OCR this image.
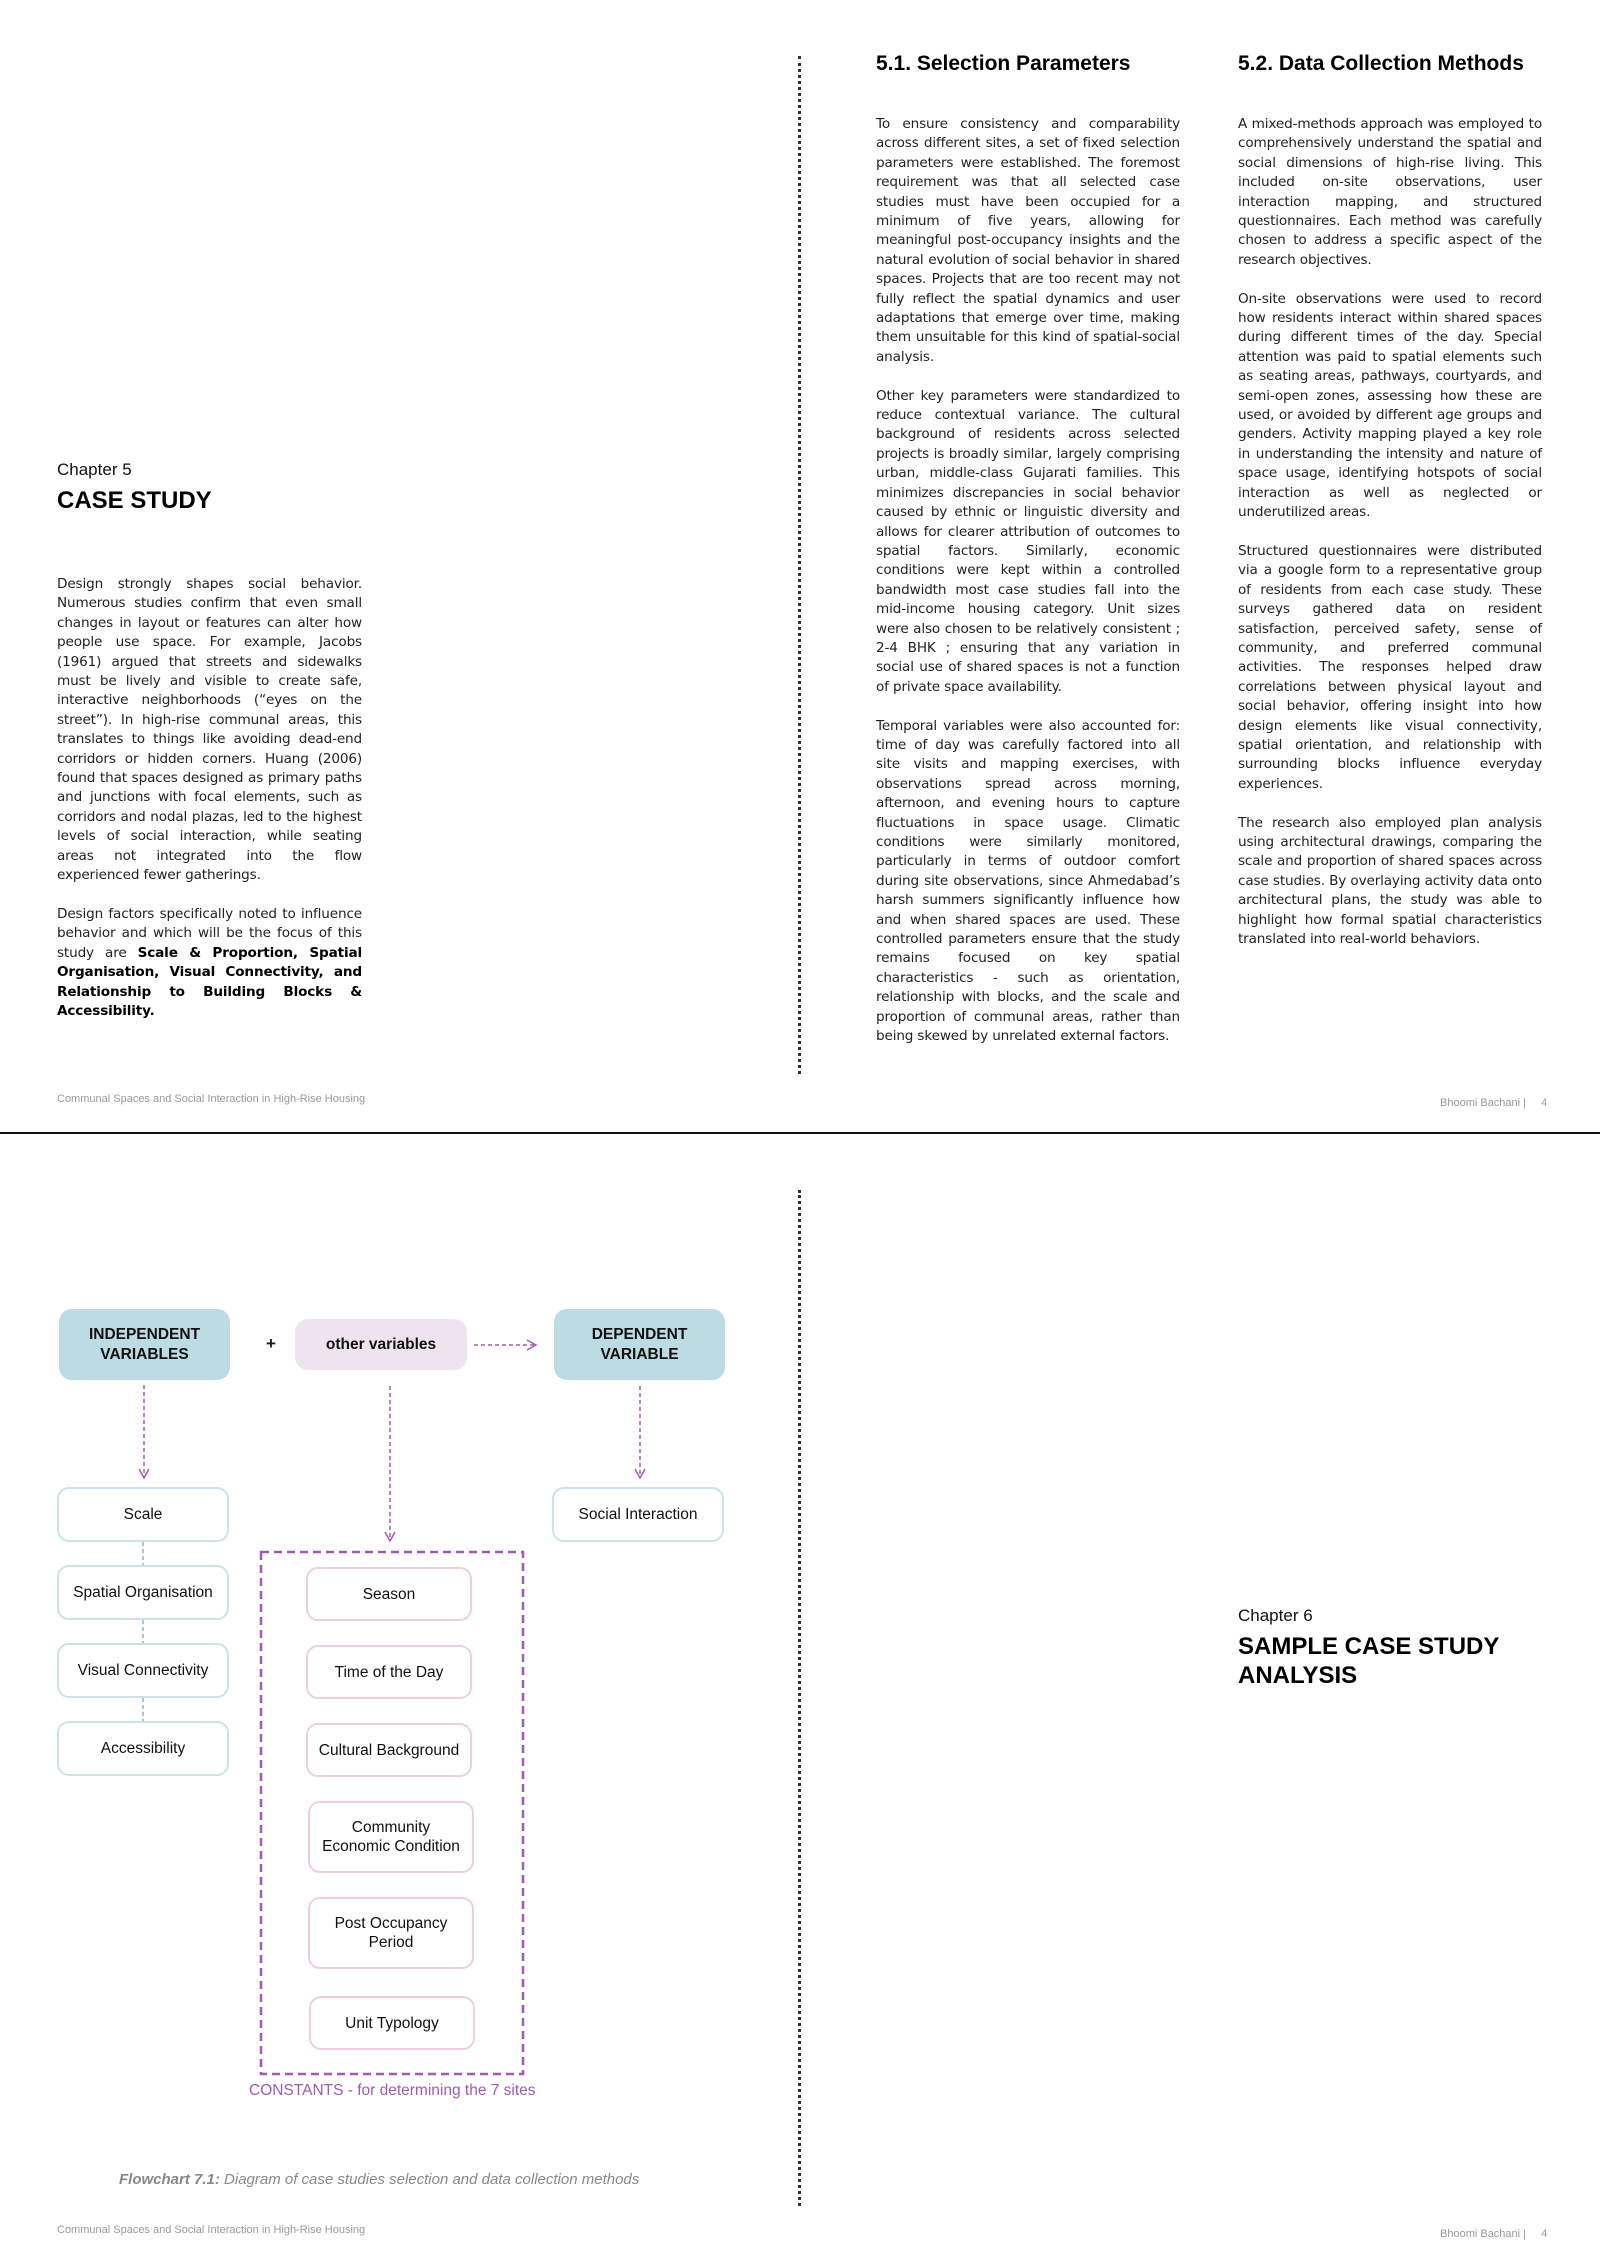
Chapter 5
CASE STUDY

Design strongly shapes social behavior. Numerous studies confirm that even small changes in layout or features can alter how people use space. For example, Jacobs (1961) argued that streets and sidewalks must be lively and visible to create safe, interactive neighborhoods (“eyes on the street”). In high-rise communal areas, this translates to things like avoiding dead-end corridors or hidden corners. Huang (2006) found that spaces designed as primary paths and junctions with focal elements, such as corridors and nodal plazas, led to the highest levels of social interaction, while seating areas not integrated into the flow experienced fewer gatherings.

Design factors specifically noted to influence behavior and which will be the focus of this study are Scale & Proportion, Spatial Organisation, Visual Connectivity, and Relationship to Building Blocks & Accessibility.

5.1. Selection Parameters

To ensure consistency and comparability across different sites, a set of fixed selection parameters were established. The foremost requirement was that all selected case studies must have been occupied for a minimum of five years, allowing for meaningful post-occupancy insights and the natural evolution of social behavior in shared spaces. Projects that are too recent may not fully reflect the spatial dynamics and user adaptations that emerge over time, making them unsuitable for this kind of spatial-social analysis.

Other key parameters were standardized to reduce contextual variance. The cultural background of residents across selected projects is broadly similar, largely comprising urban, middle-class Gujarati families. This minimizes discrepancies in social behavior caused by ethnic or linguistic diversity and allows for clearer attribution of outcomes to spatial factors. Similarly, economic conditions were kept within a controlled bandwidth most case studies fall into the mid-income housing category. Unit sizes were also chosen to be relatively consistent ; 2-4 BHK ; ensuring that any variation in social use of shared spaces is not a function of private space availability.

Temporal variables were also accounted for: time of day was carefully factored into all site visits and mapping exercises, with observations spread across morning, afternoon, and evening hours to capture fluctuations in space usage. Climatic conditions were similarly monitored, particularly in terms of outdoor comfort during site observations, since Ahmedabad’s harsh summers significantly influence how and when shared spaces are used. These controlled parameters ensure that the study remains focused on key spatial characteristics - such as orientation, relationship with blocks, and the scale and proportion of communal areas, rather than being skewed by unrelated external factors.

5.2. Data Collection Methods

A mixed-methods approach was employed to comprehensively understand the spatial and social dimensions of high-rise living. This included on-site observations, user interaction mapping, and structured questionnaires. Each method was carefully chosen to address a specific aspect of the research objectives.

On-site observations were used to record how residents interact within shared spaces during different times of the day. Special attention was paid to spatial elements such as seating areas, pathways, courtyards, and semi-open zones, assessing how these are used, or avoided by different age groups and genders. Activity mapping played a key role in understanding the intensity and nature of space usage, identifying hotspots of social interaction as well as neglected or underutilized areas.

Structured questionnaires were distributed via a google form to a representative group of residents from each case study. These surveys gathered data on resident satisfaction, perceived safety, sense of community, and preferred communal activities. The responses helped draw correlations between physical layout and social behavior, offering insight into how design elements like visual connectivity, spatial orientation, and relationship with surrounding blocks influence everyday experiences.

The research also employed plan analysis using architectural drawings, comparing the scale and proportion of shared spaces across case studies. By overlaying activity data onto architectural plans, the study was able to highlight how formal spatial characteristics translated into real-world behaviors.

Communal Spaces and Social Interaction in High-Rise Housing	Bhoomi Bachani | 4
INDEPENDENT VARIABLES
+	other variables
DEPENDENT VARIABLE
Scale
Spatial Organisation
Visual Connectivity
Accessibility
Social Interaction
Season
Time of the Day
Cultural Background
Community Economic Condition
Post Occupancy Period
Unit Typology
CONSTANTS - for determining the 7 sites
Flowchart 7.1: Diagram of case studies selection and data collection methods
Chapter 6
SAMPLE CASE STUDY
ANALYSIS
Communal Spaces and Social Interaction in High-Rise Housing	Bhoomi Bachani | 4
